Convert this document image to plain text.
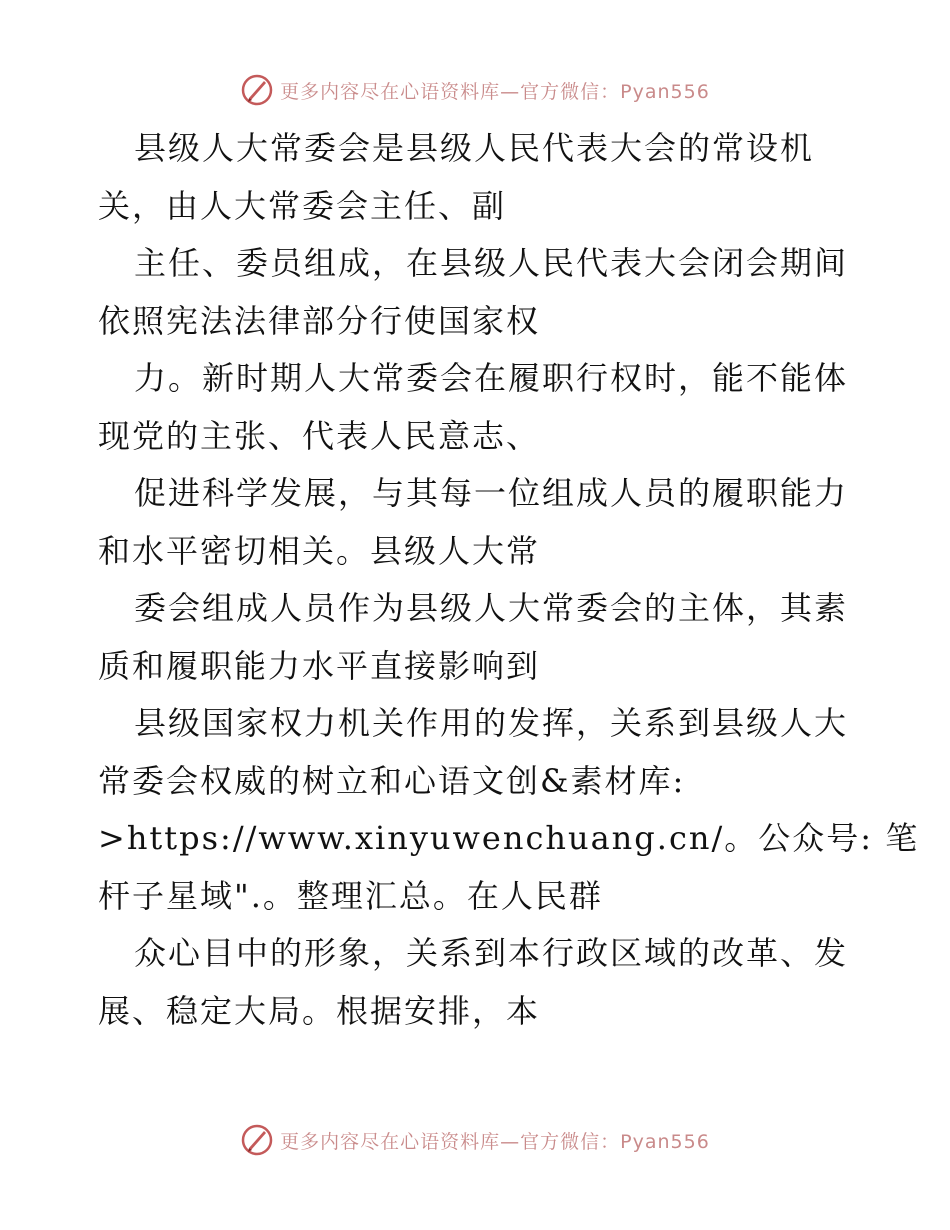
更多内容尽在心语资料库—官方微信：Pyan556
县级人大常委会是县级人民代表大会的常设机
关，由人大常委会主任、副
主任、委员组成，在县级人民代表大会闭会期间
依照宪法法律部分行使国家权
力。新时期人大常委会在履职行权时，能不能体
现党的主张、代表人民意志、
促进科学发展，与其每一位组成人员的履职能力
和水平密切相关。县级人大常
委会组成人员作为县级人大常委会的主体，其素
质和履职能力水平直接影响到
县级国家权力机关作用的发挥，关系到县级人大
常委会权威的树立和心语文创&素材库:
>https://www.xinyuwenchuang.cn/。公众号: 笔
杆子星域".。整理汇总。在人民群
众心目中的形象，关系到本行政区域的改革、发
展、稳定大局。根据安排，本
更多内容尽在心语资料库—官方微信：Pyan556
